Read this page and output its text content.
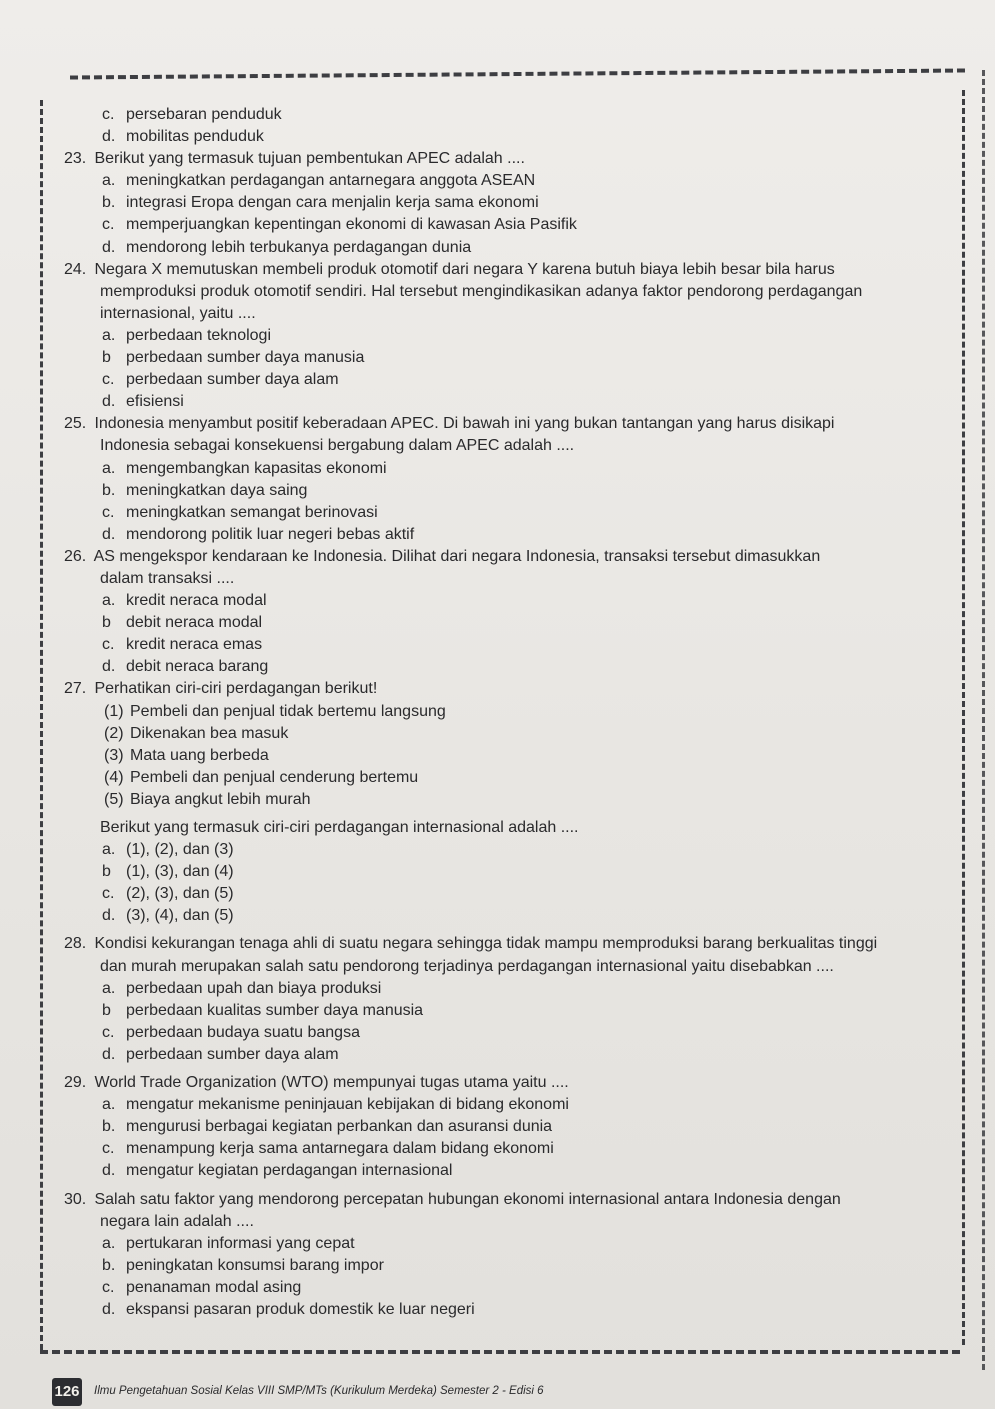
c. persebaran penduduk
d. mobilitas penduduk
23. Berikut yang termasuk tujuan pembentukan APEC adalah ....
a. meningkatkan perdagangan antarnegara anggota ASEAN
b. integrasi Eropa dengan cara menjalin kerja sama ekonomi
c. memperjuangkan kepentingan ekonomi di kawasan Asia Pasifik
d. mendorong lebih terbukanya perdagangan dunia
24. Negara X memutuskan membeli produk otomotif dari negara Y karena butuh biaya lebih besar bila harus
memproduksi produk otomotif sendiri. Hal tersebut mengindikasikan adanya faktor pendorong perdagangan
internasional, yaitu ....
a. perbedaan teknologi
b perbedaan sumber daya manusia
c. perbedaan sumber daya alam
d. efisiensi
25. Indonesia menyambut positif keberadaan APEC. Di bawah ini yang bukan tantangan yang harus disikapi
Indonesia sebagai konsekuensi bergabung dalam APEC adalah ....
a. mengembangkan kapasitas ekonomi
b. meningkatkan daya saing
c. meningkatkan semangat berinovasi
d. mendorong politik luar negeri bebas aktif
26. AS mengekspor kendaraan ke Indonesia. Dilihat dari negara Indonesia, transaksi tersebut dimasukkan
dalam transaksi ....
a. kredit neraca modal
b debit neraca modal
c. kredit neraca emas
d. debit neraca barang
27. Perhatikan ciri-ciri perdagangan berikut!
(1) Pembeli dan penjual tidak bertemu langsung
(2) Dikenakan bea masuk
(3) Mata uang berbeda
(4) Pembeli dan penjual cenderung bertemu
(5) Biaya angkut lebih murah
Berikut yang termasuk ciri-ciri perdagangan internasional adalah ....
a. (1), (2), dan (3)
b (1), (3), dan (4)
c. (2), (3), dan (5)
d. (3), (4), dan (5)
28. Kondisi kekurangan tenaga ahli di suatu negara sehingga tidak mampu memproduksi barang berkualitas tinggi
dan murah merupakan salah satu pendorong terjadinya perdagangan internasional yaitu disebabkan ....
a. perbedaan upah dan biaya produksi
b perbedaan kualitas sumber daya manusia
c. perbedaan budaya suatu bangsa
d. perbedaan sumber daya alam
29. World Trade Organization (WTO) mempunyai tugas utama yaitu ....
a. mengatur mekanisme peninjauan kebijakan di bidang ekonomi
b. mengurusi berbagai kegiatan perbankan dan asuransi dunia
c. menampung kerja sama antarnegara dalam bidang ekonomi
d. mengatur kegiatan perdagangan internasional
30. Salah satu faktor yang mendorong percepatan hubungan ekonomi internasional antara Indonesia dengan
negara lain adalah ....
a. pertukaran informasi yang cepat
b. peningkatan konsumsi barang impor
c. penanaman modal asing
d. ekspansi pasaran produk domestik ke luar negeri
126 Ilmu Pengetahuan Sosial Kelas VIII SMP/MTs (Kurikulum Merdeka) Semester 2 - Edisi 6
